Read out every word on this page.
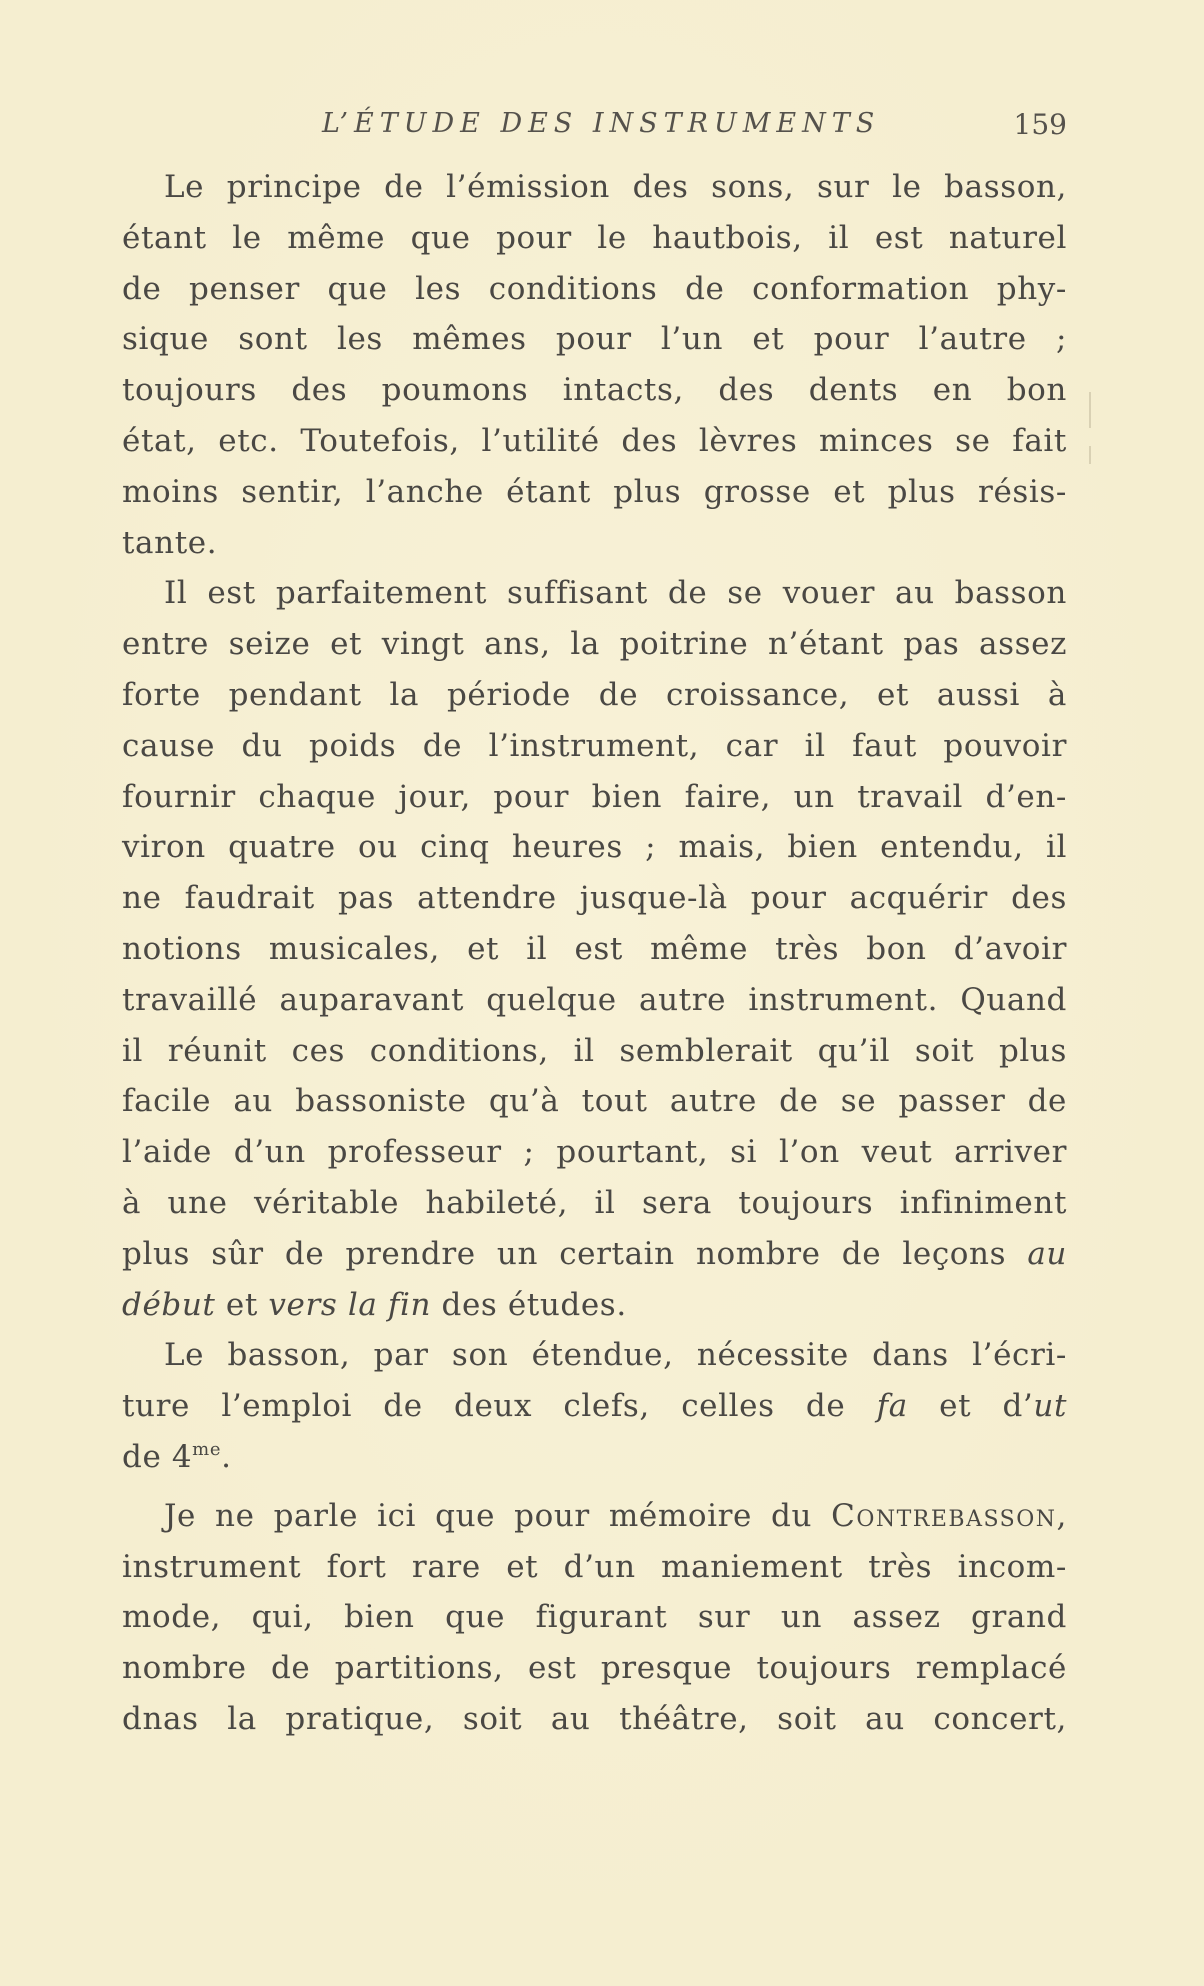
L’ÉTUDE DES INSTRUMENTS	159
Le principe de l’émission des sons, sur le basson,
étant le même que pour le hautbois, il est naturel
de penser que les conditions de conformation phy-
sique sont les mêmes pour l’un et pour l’autre ;
toujours des poumons intacts, des dents en bon
état, etc. Toutefois, l’utilité des lèvres minces se fait
moins sentir, l’anche étant plus grosse et plus résis-
tante.
Il est parfaitement suffisant de se vouer au basson
entre seize et vingt ans, la poitrine n’étant pas assez
forte pendant la période de croissance, et aussi à
cause du poids de l’instrument, car il faut pouvoir
fournir chaque jour, pour bien faire, un travail d’en-
viron quatre ou cinq heures ; mais, bien entendu, il
ne faudrait pas attendre jusque-là pour acquérir des
notions musicales, et il est même très bon d’avoir
travaillé auparavant quelque autre instrument. Quand
il réunit ces conditions, il semblerait qu’il soit plus
facile au bassoniste qu’à tout autre de se passer de
l’aide d’un professeur ; pourtant, si l’on veut arriver
à une véritable habileté, il sera toujours infiniment
plus sûr de prendre un certain nombre de leçons au
début et vers la fin des études.
Le basson, par son étendue, nécessite dans l’écri-
ture l’emploi de deux clefs, celles de fa et d’ut
de $4^{me}$.
Je ne parle ici que pour mémoire du Contrebasson,
instrument fort rare et d’un maniement très incom-
mode, qui, bien que figurant sur un assez grand
nombre de partitions, est presque toujours remplacé
dnas la pratique, soit au théâtre, soit au concert,
